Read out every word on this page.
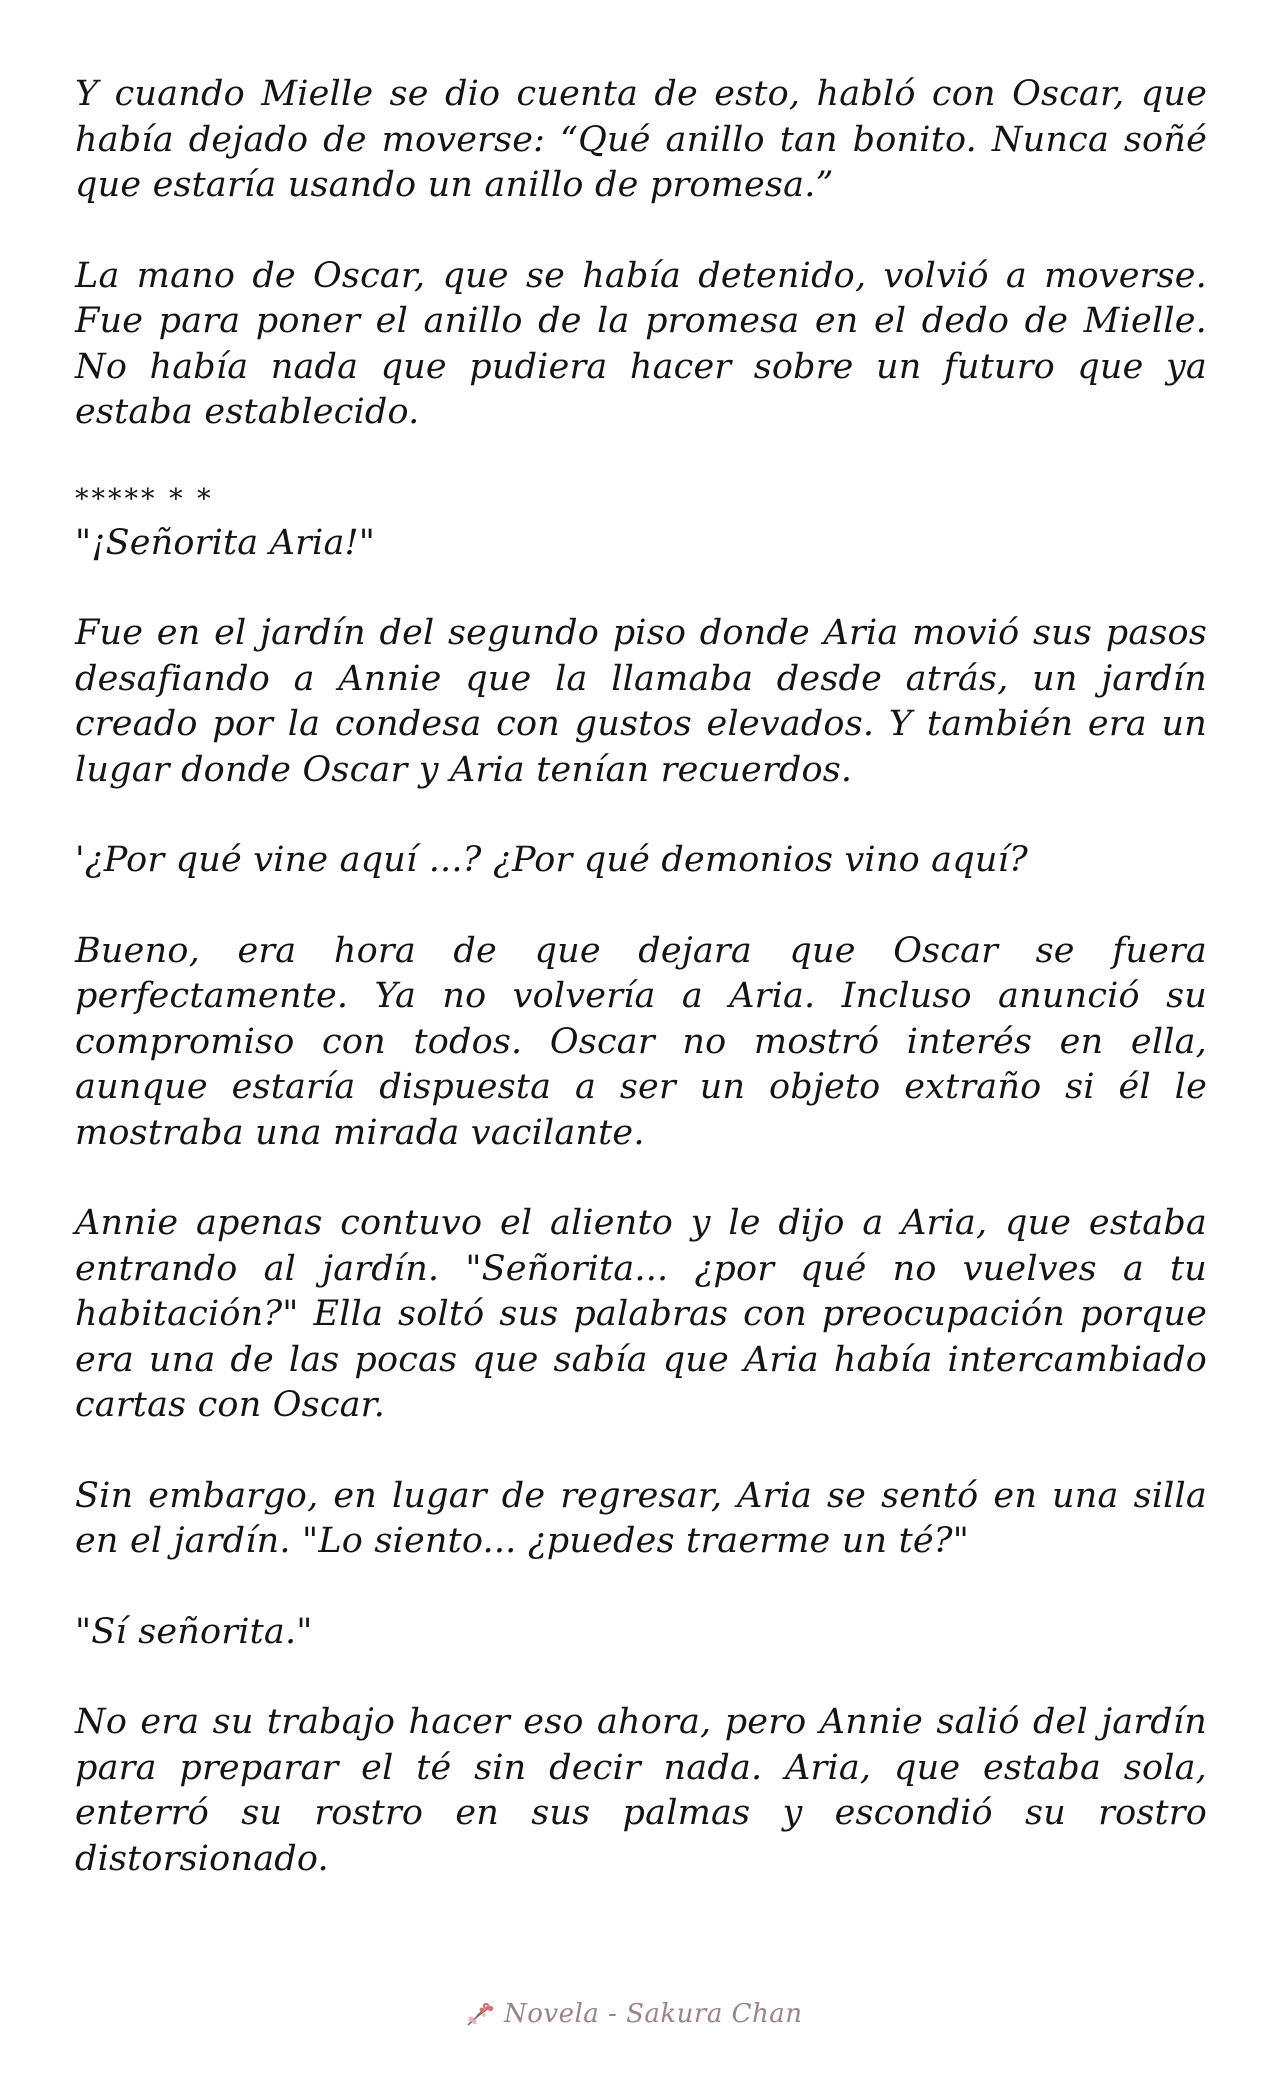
Y cuando Mielle se dio cuenta de esto, habló con Oscar, que había dejado de moverse: “Qué anillo tan bonito. Nunca soñé que estaría usando un anillo de promesa.”

La mano de Oscar, que se había detenido, volvió a moverse. Fue para poner el anillo de la promesa en el dedo de Mielle. No había nada que pudiera hacer sobre un futuro que ya estaba establecido.

***** * *

"¡Señorita Aria!"

Fue en el jardín del segundo piso donde Aria movió sus pasos desafiando a Annie que la llamaba desde atrás, un jardín creado por la condesa con gustos elevados. Y también era un lugar donde Oscar y Aria tenían recuerdos.

'¿Por qué vine aquí ...? ¿Por qué demonios vino aquí?

Bueno, era hora de que dejara que Oscar se fuera perfectamente. Ya no volvería a Aria. Incluso anunció su compromiso con todos. Oscar no mostró interés en ella, aunque estaría dispuesta a ser un objeto extraño si él le mostraba una mirada vacilante.

Annie apenas contuvo el aliento y le dijo a Aria, que estaba entrando al jardín. "Señorita... ¿por qué no vuelves a tu habitación?" Ella soltó sus palabras con preocupación porque era una de las pocas que sabía que Aria había intercambiado cartas con Oscar.

Sin embargo, en lugar de regresar, Aria se sentó en una silla en el jardín. "Lo siento... ¿puedes traerme un té?"

"Sí señorita."

No era su trabajo hacer eso ahora, pero Annie salió del jardín para preparar el té sin decir nada. Aria, que estaba sola, enterró su rostro en sus palmas y escondió su rostro distorsionado.

Novela - Sakura Chan
